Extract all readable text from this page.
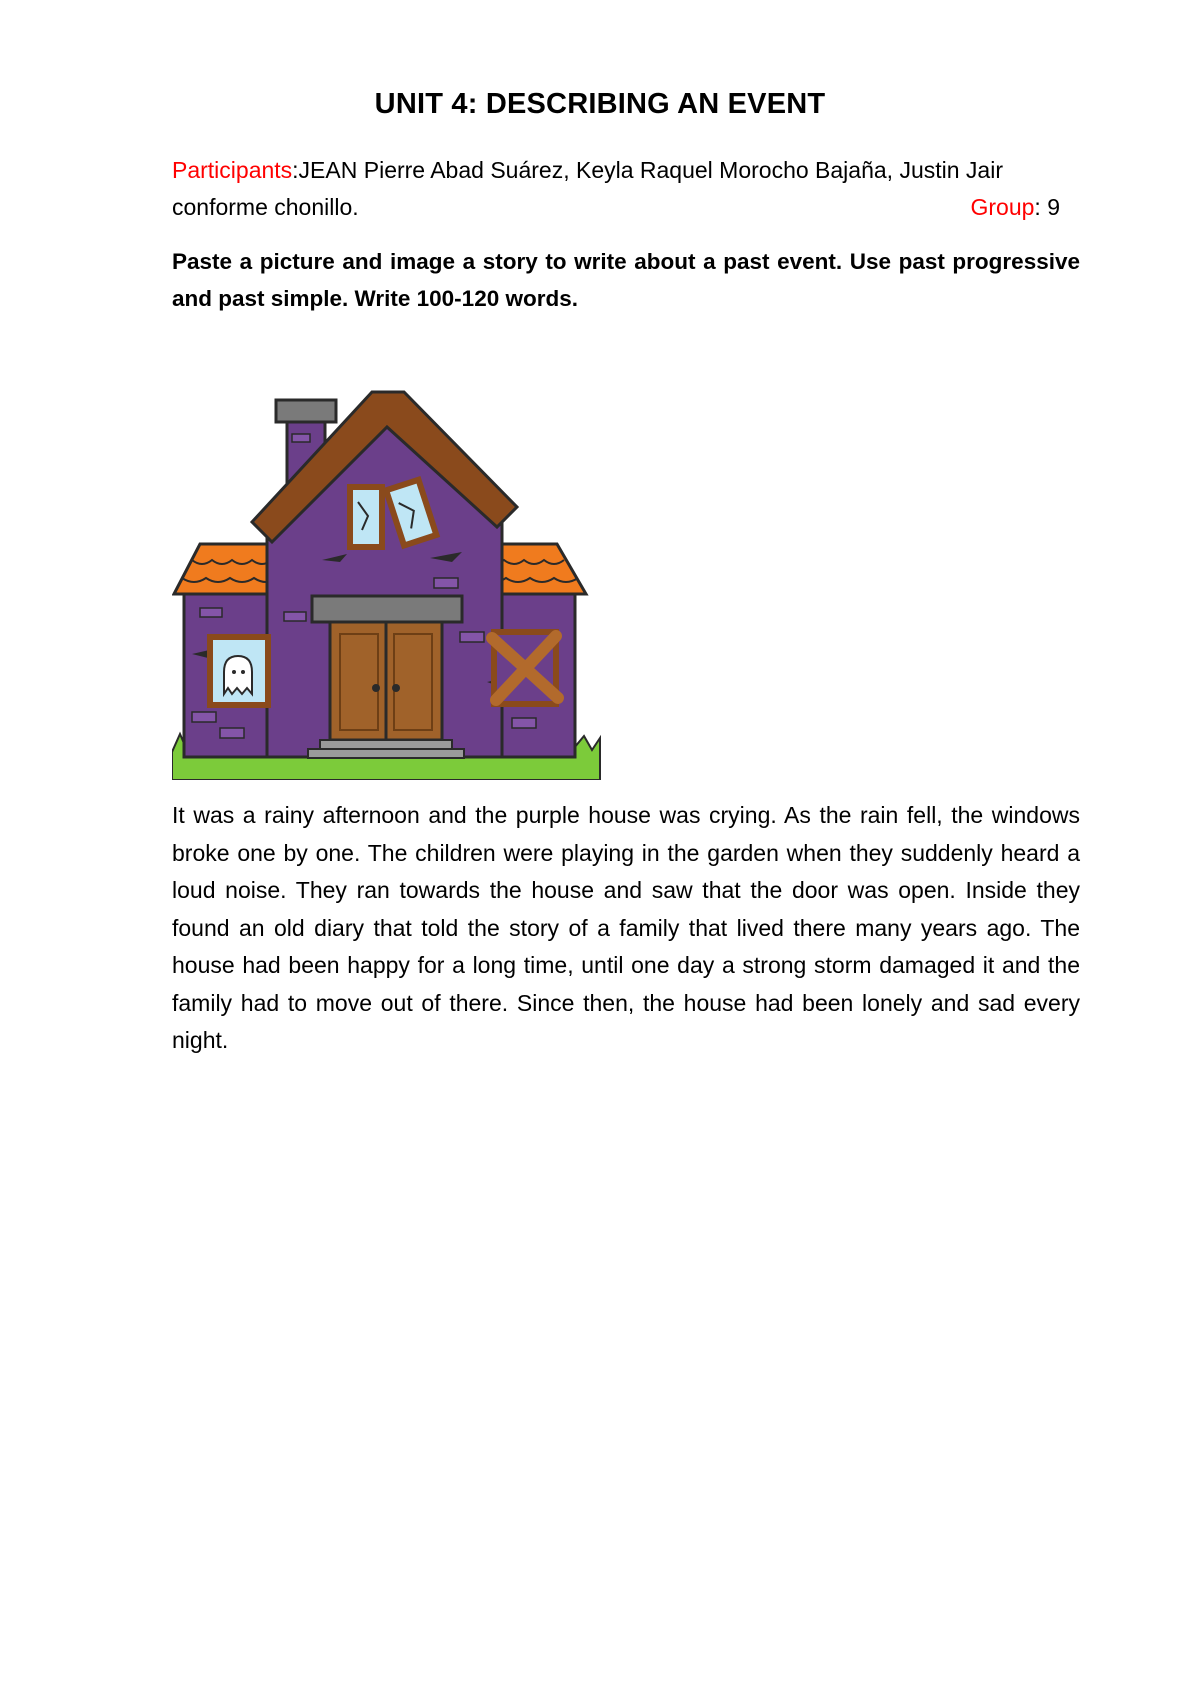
UNIT 4: DESCRIBING AN EVENT
Participants:JEAN Pierre Abad Suárez, Keyla Raquel Morocho Bajaña, Justin Jair
conforme chonillo.	Group: 9
Paste a picture and image a story to write about a past event. Use past progressive and past simple. Write 100-120 words.
It was a rainy afternoon and the purple house was crying. As the rain fell, the windows broke one by one. The children were playing in the garden when they suddenly heard a loud noise. They ran towards the house and saw that the door was open. Inside they found an old diary that told the story of a family that lived there many years ago. The house had been happy for a long time, until one day a strong storm damaged it and the family had to move out of there. Since then, the house had been lonely and sad every night.
